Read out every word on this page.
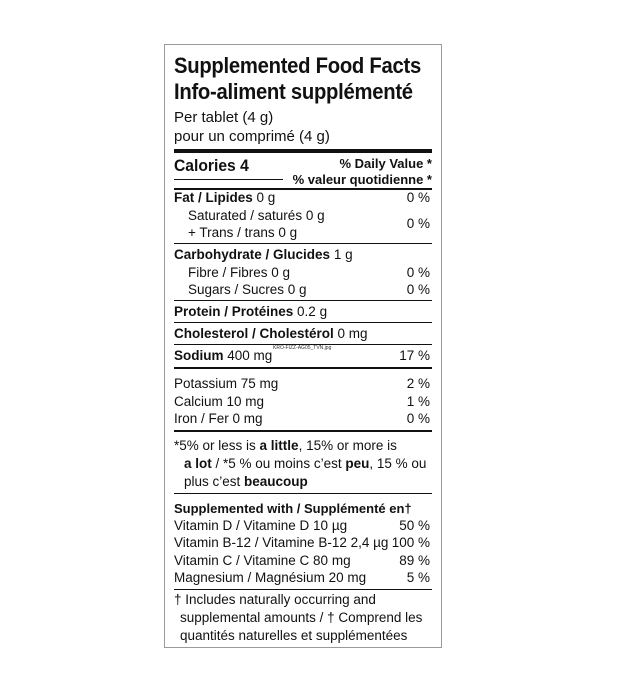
Supplemented Food Facts
Info-aliment supplémenté
Per tablet (4 g)
pour un comprimé (4 g)
Calories 4	% Daily Value *
% valeur quotidienne *
Fat / Lipides 0 g	0 %
Saturated / saturés 0 g
+ Trans / trans 0 g
0 %
Carbohydrate / Glucides 1 g
Fibre / Fibres 0 g	0 %
Sugars / Sucres 0 g	0 %
Protein / Protéines 0.2 g
Cholesterol / Cholestérol 0 mg
Sodium 400 mg KRO-FIZZ-AG05_TVN.jpg	17 %
Potassium 75 mg	2 %
Calcium 10 mg	1 %
Iron / Fer 0 mg	0 %
*5% or less is a little, 15% or more is
a lot / *5 % ou moins c’est peu, 15 % ou
plus c’est beaucoup
Supplemented with / Supplémenté en†
Vitamin D / Vitamine D 10 µg	50 %
Vitamin B-12 / Vitamine B-12 2,4 µg 100 %
Vitamin C / Vitamine C 80 mg	89 %
Magnesium / Magnésium 20 mg	5 %
† Includes naturally occurring and
supplemental amounts / † Comprend les
quantités naturelles et supplémentées
